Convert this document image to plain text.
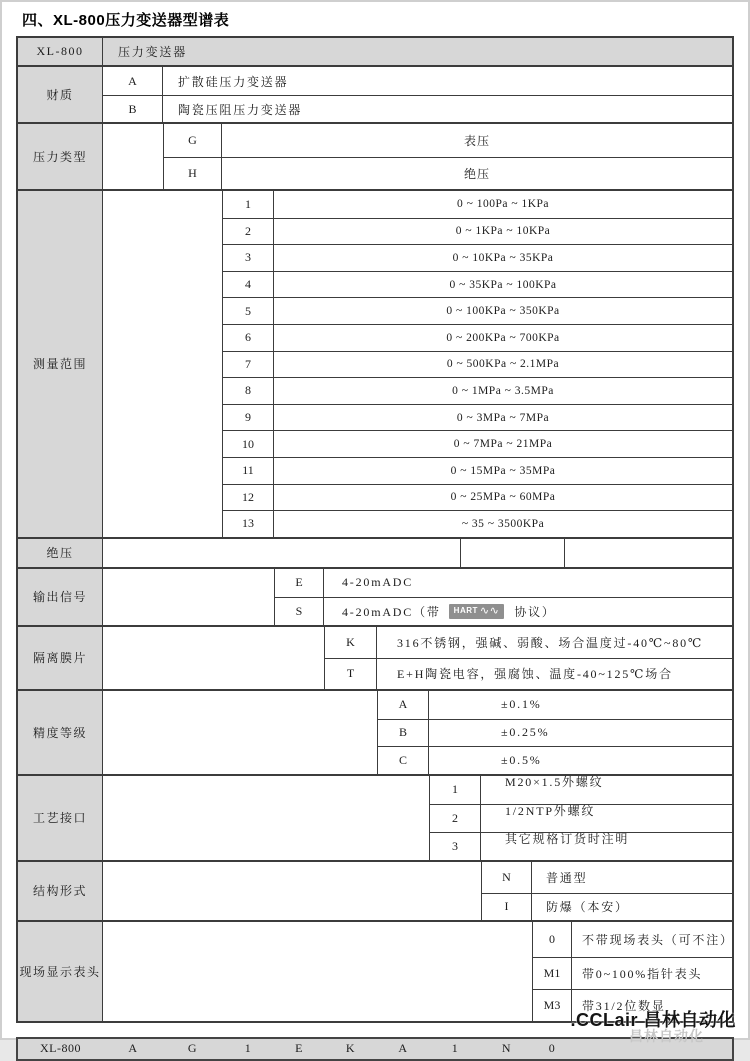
四、XL-800压力变送器型谱表
XL-800	压力变送器
财质
A	扩散硅压力变送器
B	陶瓷压阻压力变送器
压力类型
G	表压
H	绝压
测量范围
1	0 ~ 100Pa ~ 1KPa
2	0 ~ 1KPa ~ 10KPa
3	0 ~ 10KPa ~ 35KPa
4	0 ~ 35KPa ~ 100KPa
5	0 ~ 100KPa ~ 350KPa
6	0 ~ 200KPa ~ 700KPa
7	0 ~ 500KPa ~ 2.1MPa
8	0 ~ 1MPa ~ 3.5MPa
9	0 ~ 3MPa ~ 7MPa
10	0 ~ 7MPa ~ 21MPa
11	0 ~ 15MPa ~ 35MPa
12	0 ~ 25MPa ~ 60MPa
13	~ 35 ~ 3500KPa
绝压
输出信号
E	4-20mADC
S	4-20mADC（带 HART ∿∿ 协议）
隔离膜片
K	316不锈钢，强碱、弱酸、场合温度过-40℃~80℃
T	E+H陶瓷电容，强腐蚀、温度-40~125℃场合
精度等级
A	±0.1%
B	±0.25%
C	±0.5%
工艺接口
1	M20×1.5外螺纹
2	1/2NTP外螺纹
3	其它规格订货时注明
结构形式
N	普通型
I	防爆（本安）
现场显示表头
0	不带现场表头（可不注）
M1	带0~100%指针表头
M3	带31/2位数显
XL-800	A	G	1	E	K	A	1	N	0
.CCLair 昌林自动化
昌林自动化
